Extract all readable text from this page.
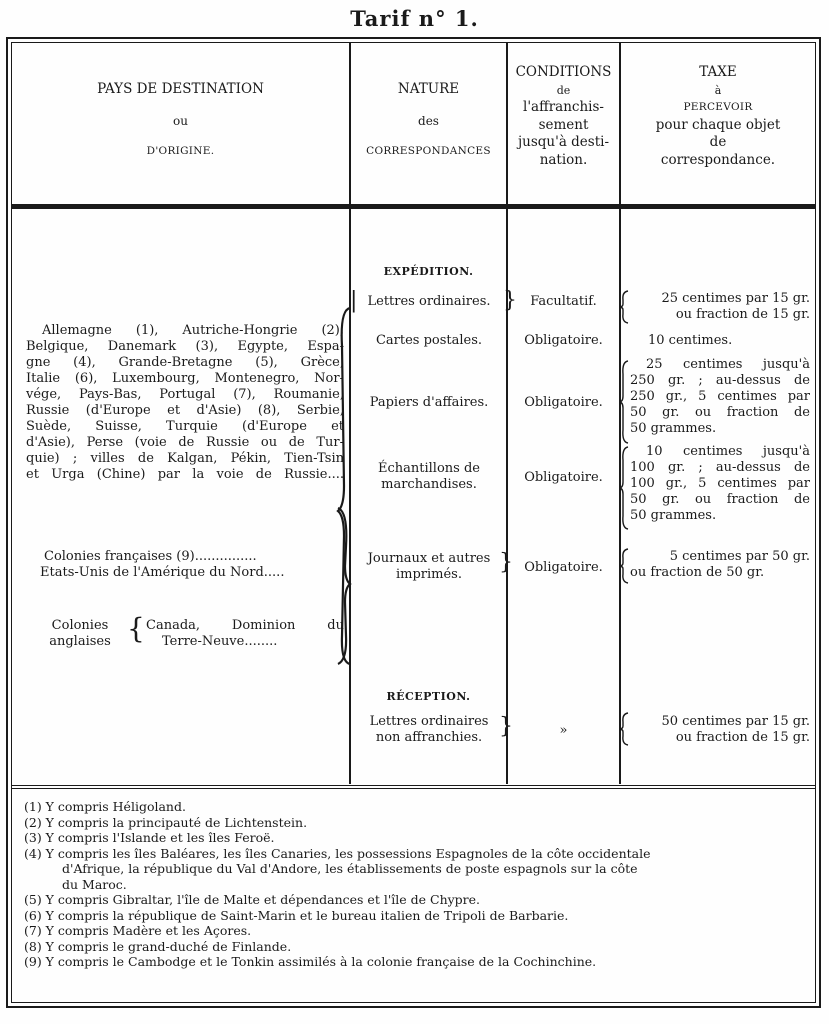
Tarif n° 1.
PAYS DE DESTINATION
ou
D'ORIGINE.
NATURE
des
CORRESPONDANCES
CONDITIONS
de
l'affranchis-
sement
jusqu'à desti-
nation.
TAXE
à
PERCEVOIR
pour chaque objet
de
correspondance.
EXPÉDITION.
Allemagne (1), Autriche-Hongrie (2),
Belgique, Danemark (3), Egypte, Espa-
gne (4), Grande-Bretagne (5), Grèce,
Italie (6), Luxembourg, Montenegro, Nor-
vége, Pays-Bas, Portugal (7), Roumanie,
Russie (d'Europe et d'Asie) (8), Serbie,
Suède, Suisse, Turquie (d'Europe et
d'Asie), Perse (voie de Russie ou de Tur-
quie) ; villes de Kalgan, Pékin, Tien-Tsin
et Urga (Chine) par la voie de Russie....
Colonies françaises (9)...............
Etats-Unis de l'Amérique du Nord.....
Colonies
anglaises { Canada, Dominion du
Terre-Neuve........
Lettres ordinaires.
Cartes postales.
Papiers d'affaires.
Échantillons de
marchandises.
Journaux et autres
imprimés.
|	}
}
Facultatif.
Obligatoire.
Obligatoire.
Obligatoire.
Obligatoire.
25 centimes par 15 gr.
ou fraction de 15 gr.
10 centimes.
25 centimes jusqu'à
250 gr. ; au-dessus de
250 gr., 5 centimes par
50 gr. ou fraction de
50 grammes.
10 centimes jusqu'à
100 gr. ; au-dessus de
100 gr., 5 centimes par
50 gr. ou fraction de
50 grammes.
5 centimes par 50 gr.
ou fraction de 50 gr.
RÉCEPTION.
Lettres ordinaires
non affranchies. }	»
50 centimes par 15 gr.
ou fraction de 15 gr.
(1) Y compris Héligoland.
(2) Y compris la principauté de Lichtenstein.
(3) Y compris l'Islande et les îles Feroë.
(4) Y compris les îles Baléares, les îles Canaries, les possessions Espagnoles de la côte occidentale
d'Afrique, la république du Val d'Andore, les établissements de poste espagnols sur la côte
du Maroc.
(5) Y compris Gibraltar, l'île de Malte et dépendances et l'île de Chypre.
(6) Y compris la république de Saint-Marin et le bureau italien de Tripoli de Barbarie.
(7) Y compris Madère et les Açores.
(8) Y compris le grand-duché de Finlande.
(9) Y compris le Cambodge et le Tonkin assimilés à la colonie française de la Cochinchine.
